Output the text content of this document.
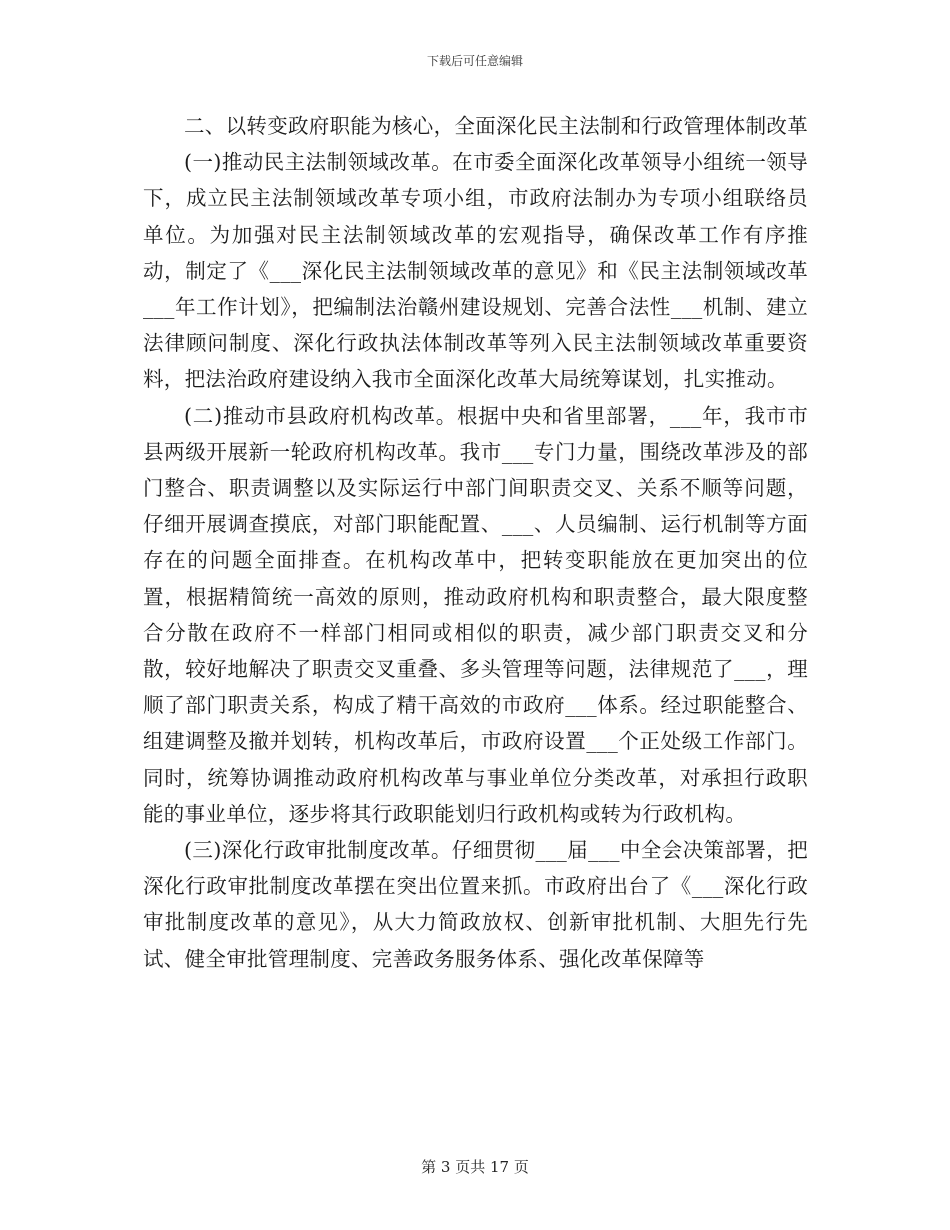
下载后可任意编辑

二、以转变政府职能为核心，全面深化民主法制和行政管理体制改革

(一)推动民主法制领域改革。在市委全面深化改革领导小组统一领导下，成立民主法制领域改革专项小组，市政府法制办为专项小组联络员单位。为加强对民主法制领域改革的宏观指导，确保改革工作有序推动，制定了《___深化民主法制领域改革的意见》和《民主法制领域改革___年工作计划》，把编制法治赣州建设规划、完善合法性___机制、建立法律顾问制度、深化行政执法体制改革等列入民主法制领域改革重要资料，把法治政府建设纳入我市全面深化改革大局统筹谋划，扎实推动。

(二)推动市县政府机构改革。根据中央和省里部署，___年，我市市县两级开展新一轮政府机构改革。我市___专门力量，围绕改革涉及的部门整合、职责调整以及实际运行中部门间职责交叉、关系不顺等问题，仔细开展调查摸底，对部门职能配置、___、人员编制、运行机制等方面存在的问题全面排查。在机构改革中，把转变职能放在更加突出的位置，根据精简统一高效的原则，推动政府机构和职责整合，最大限度整合分散在政府不一样部门相同或相似的职责，减少部门职责交叉和分散，较好地解决了职责交叉重叠、多头管理等问题，法律规范了___，理顺了部门职责关系，构成了精干高效的市政府___体系。经过职能整合、组建调整及撤并划转，机构改革后，市政府设置___个正处级工作部门。同时，统筹协调推动政府机构改革与事业单位分类改革，对承担行政职能的事业单位，逐步将其行政职能划归行政机构或转为行政机构。

(三)深化行政审批制度改革。仔细贯彻___届___中全会决策部署，把深化行政审批制度改革摆在突出位置来抓。市政府出台了《___深化行政审批制度改革的意见》，从大力简政放权、创新审批机制、大胆先行先试、健全审批管理制度、完善政务服务体系、强化改革保障等

第 3 页共 17 页
